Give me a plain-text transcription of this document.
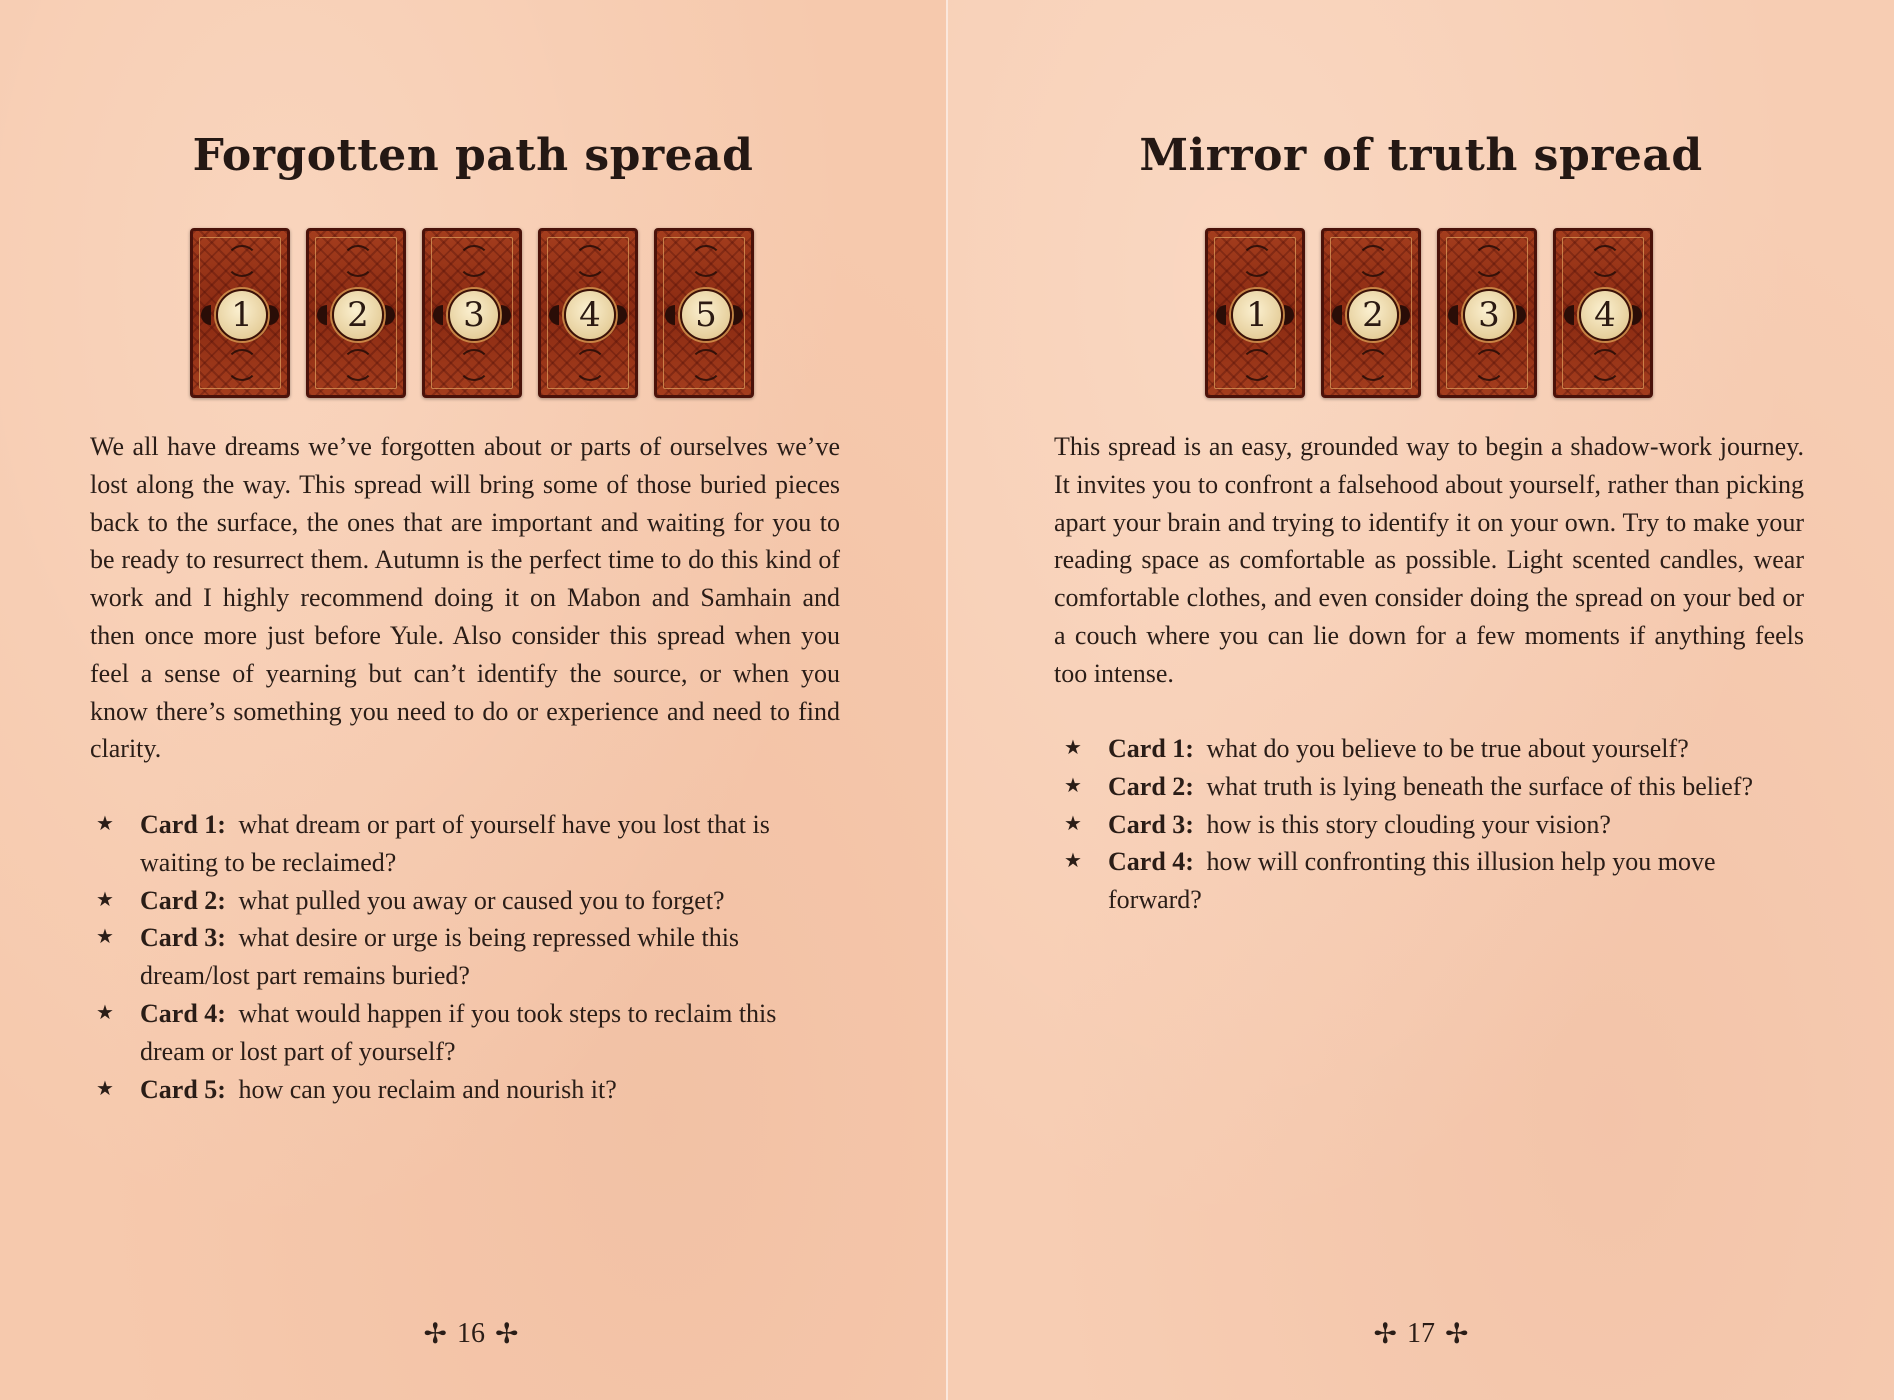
Forgotten path spread
1	2	3	4	5

We all have dreams we’ve forgotten about or parts of ourselves we’ve lost along the way. This spread will bring some of those buried pieces back to the surface, the ones that are important and waiting for you to be ready to resurrect them. Autumn is the perfect time to do this kind of work and I highly recommend doing it on Mabon and Samhain and then once more just before Yule. Also consider this spread when you feel a sense of yearning but can’t identify the source, or when you know there’s something you need to do or experience and need to find clarity.

★ Card 1: what dream or part of yourself have you lost that is waiting to be reclaimed?
★ Card 2: what pulled you away or caused you to forget?
★ Card 3: what desire or urge is being repressed while this dream/lost part remains buried?
★ Card 4: what would happen if you took steps to reclaim this dream or lost part of yourself?
★ Card 5: how can you reclaim and nourish it?
✢ 16 ✢
Mirror of truth spread
1	2	3	4

This spread is an easy, grounded way to begin a shadow-work journey. It invites you to confront a falsehood about yourself, rather than picking apart your brain and trying to identify it on your own. Try to make your reading space as comfortable as possible. Light scented candles, wear comfortable clothes, and even consider doing the spread on your bed or a couch where you can lie down for a few moments if anything feels too intense.

★ Card 1: what do you believe to be true about yourself?
★ Card 2: what truth is lying beneath the surface of this belief?
★ Card 3: how is this story clouding your vision?
★ Card 4: how will confronting this illusion help you move forward?
✢ 17 ✢
